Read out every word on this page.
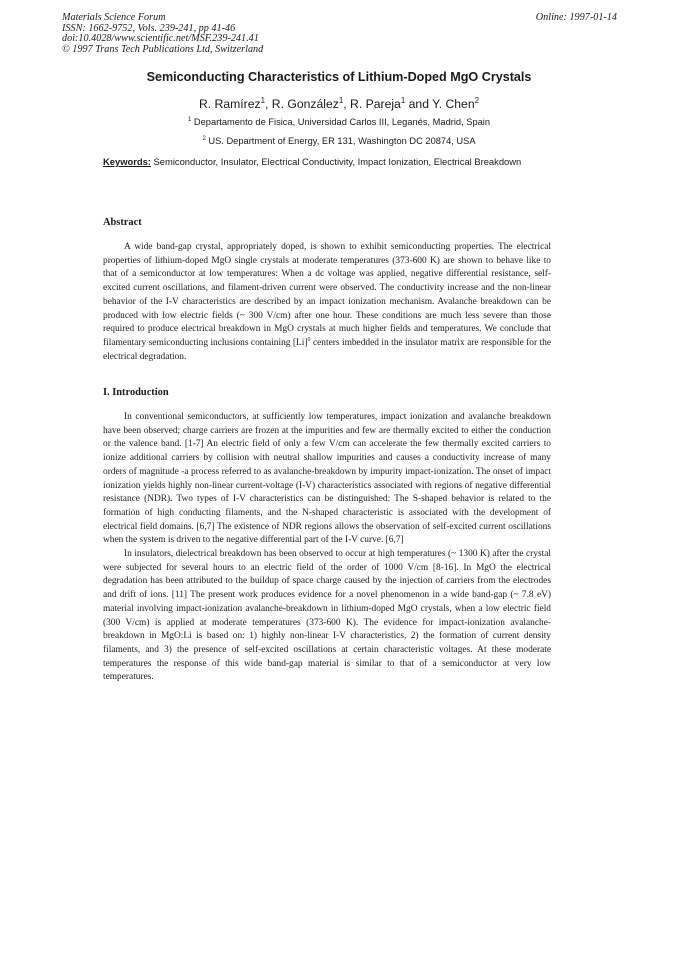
Materials Science Forum
ISSN: 1662-9752, Vols. 239-241, pp 41-46
doi:10.4028/www.scientific.net/MSF.239-241.41
© 1997 Trans Tech Publications Ltd, Switzerland
Online: 1997-01-14
Semiconducting Characteristics of Lithium-Doped MgO Crystals
R. Ramírez$^1$, R. González$^1$, R. Pareja$^1$ and Y. Chen$^2$
$^1$ Departamento de Fisica, Universidad Carlos III, Leganés, Madrid, Spain
$^2$ US. Department of Energy, ER 131, Washington DC 20874, USA
Keywords: Semiconductor, Insulator, Electrical Conductivity, Impact Ionization, Electrical Breakdown
Abstract

A wide band-gap crystal, appropriately doped, is shown to exhibit semiconducting properties. The electrical properties of lithium-doped MgO single crystals at moderate temperatures (373-600 K) are shown to behave like to that of a semiconductor at low temperatures: When a dc voltage was applied, negative differential resistance, self-excited current oscillations, and filament-driven current were observed. The conductivity increase and the non-linear behavior of the I-V characteristics are described by an impact ionization mechanism. Avalanche breakdown can be produced with low electric fields (~ 300 V/cm) after one hour. These conditions are much less severe than those required to produce electrical breakdown in MgO crystals at much higher fields and temperatures. We conclude that filamentary semiconducting inclusions containing $[Li]^0$ centers imbedded in the insulator matrix are responsible for the electrical degradation.

I. Introduction

In conventional semiconductors, at sufficiently low temperatures, impact ionization and avalanche breakdown have been observed; charge carriers are frozen at the impurities and few are thermally excited to either the conduction or the valence band. [1-7] An electric field of only a few V/cm can accelerate the few thermally excited carriers to ionize additional carriers by collision with neutral shallow impurities and causes a conductivity increase of many orders of magnitude -a process referred to as avalanche-breakdown by impurity impact-ionization. The onset of impact ionization yields highly non-linear current-voltage (I-V) characteristics associated with regions of negative differential resistance (NDR). Two types of I-V characteristics can be distinguished: The S-shaped behavior is related to the formation of high conducting filaments, and the N-shaped characteristic is associated with the development of electrical field domains. [6,7] The existence of NDR regions allows the observation of self-excited current oscillations when the system is driven to the negative differential part of the I-V curve. [6,7]

In insulators, dielectrical breakdown has been observed to occur at high temperatures (~ 1300 K) after the crystal were subjected for several hours to an electric field of the order of 1000 V/cm [8-16]. In MgO the electrical degradation has been attributed to the buildup of space charge caused by the injection of carriers from the electrodes and drift of ions. [11] The present work produces evidence for a novel phenomenon in a wide band-gap (~ 7.8 eV) material involving impact-ionization avalanche-breakdown in lithium-doped MgO crystals, when a low electric field (300 V/cm) is applied at moderate temperatures (373-600 K). The evidence for impact-ionization avalanche-breakdown in MgO:Li is based on: 1) highly non-linear I-V characteristics, 2) the formation of current density filaments, and 3) the presence of self-excited oscillations at certain characteristic voltages. At these moderate temperatures the response of this wide band-gap material is similar to that of a semiconductor at very low temperatures.
